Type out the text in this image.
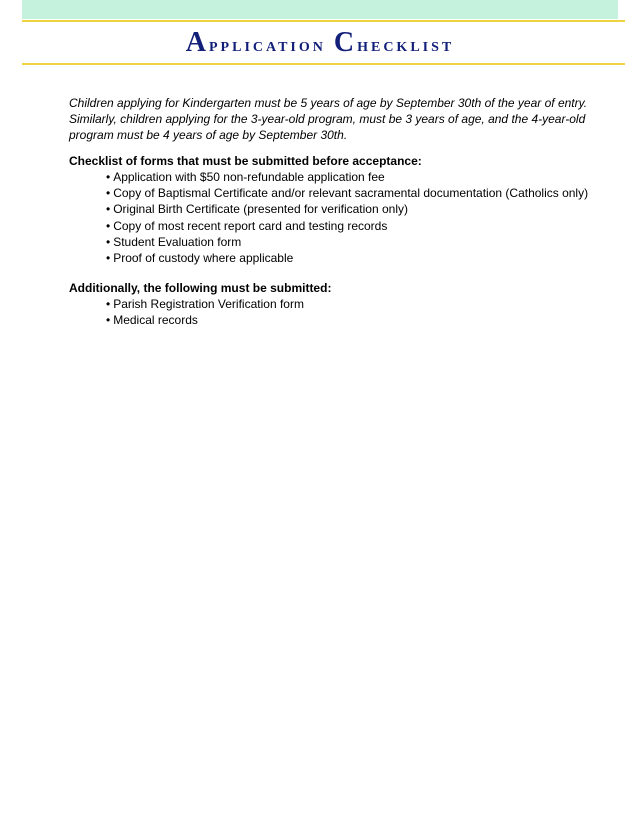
Application Checklist

Children applying for Kindergarten must be 5 years of age by September 30th of the year of entry. Similarly, children applying for the 3-year-old program, must be 3 years of age, and the 4-year-old program must be 4 years of age by September 30th.

Checklist of forms that must be submitted before acceptance:

• Application with $50 non-refundable application fee
• Copy of Baptismal Certificate and/or relevant sacramental documentation (Catholics only)
• Original Birth Certificate (presented for verification only)
• Copy of most recent report card and testing records
• Student Evaluation form
• Proof of custody where applicable

Additionally, the following must be submitted:

• Parish Registration Verification form
• Medical records
